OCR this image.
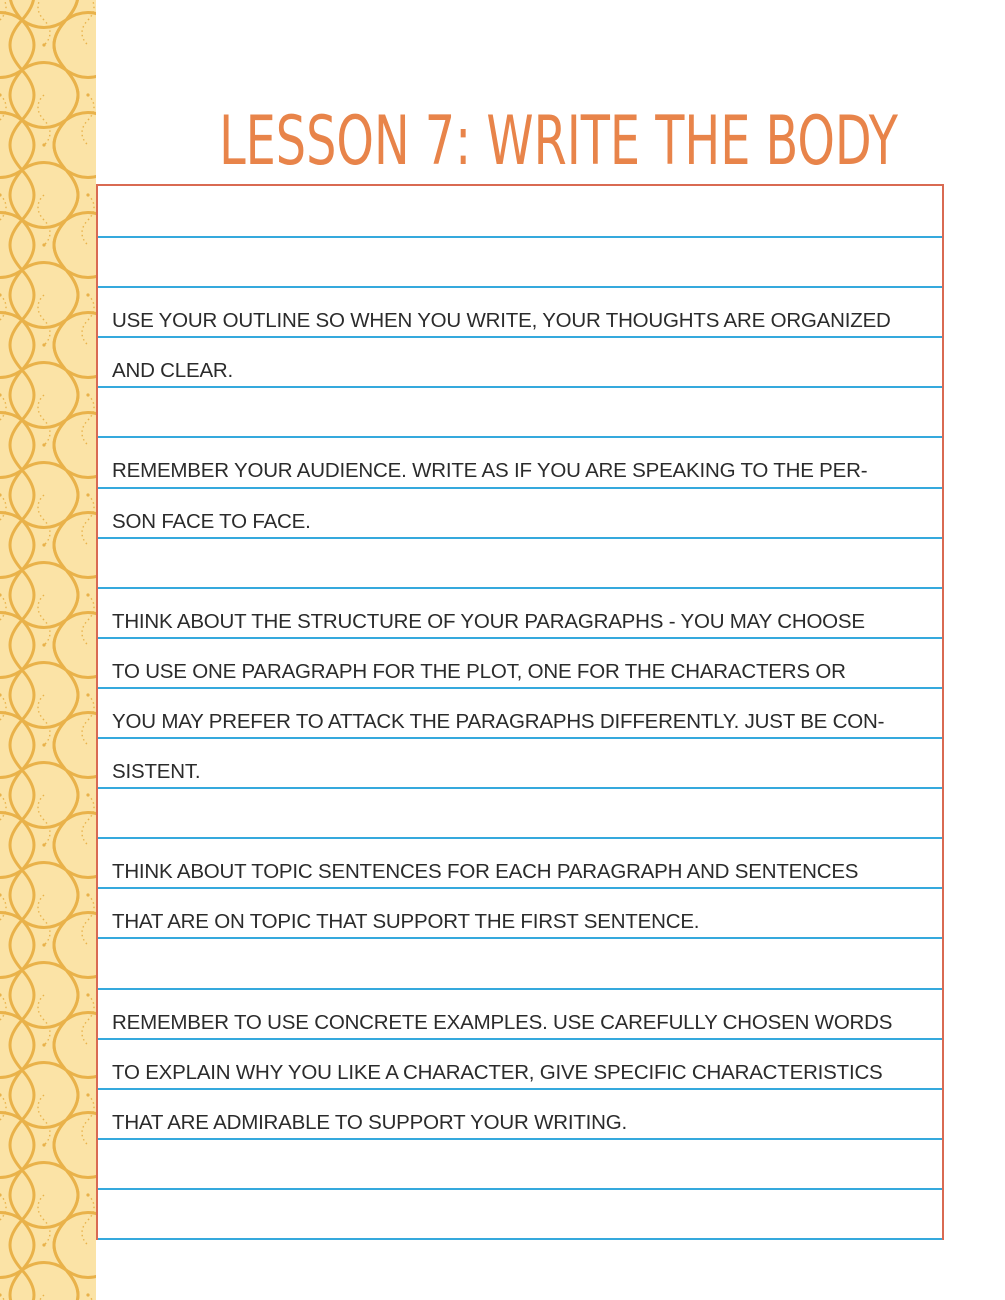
LESSON 7: WRITE THE BODY
USE YOUR OUTLINE SO WHEN YOU WRITE, YOUR THOUGHTS ARE ORGANIZED
AND CLEAR.
REMEMBER YOUR AUDIENCE. WRITE AS IF YOU ARE SPEAKING TO THE PER-
SON FACE TO FACE.
THINK ABOUT THE STRUCTURE OF YOUR PARAGRAPHS - YOU MAY CHOOSE
TO USE ONE PARAGRAPH FOR THE PLOT, ONE FOR THE CHARACTERS OR
YOU MAY PREFER TO ATTACK THE PARAGRAPHS DIFFERENTLY. JUST BE CON-
SISTENT.
THINK ABOUT TOPIC SENTENCES FOR EACH PARAGRAPH AND SENTENCES
THAT ARE ON TOPIC THAT SUPPORT THE FIRST SENTENCE.
REMEMBER TO USE CONCRETE EXAMPLES. USE CAREFULLY CHOSEN WORDS
TO EXPLAIN WHY YOU LIKE A CHARACTER, GIVE SPECIFIC CHARACTERISTICS
THAT ARE ADMIRABLE TO SUPPORT YOUR WRITING.
